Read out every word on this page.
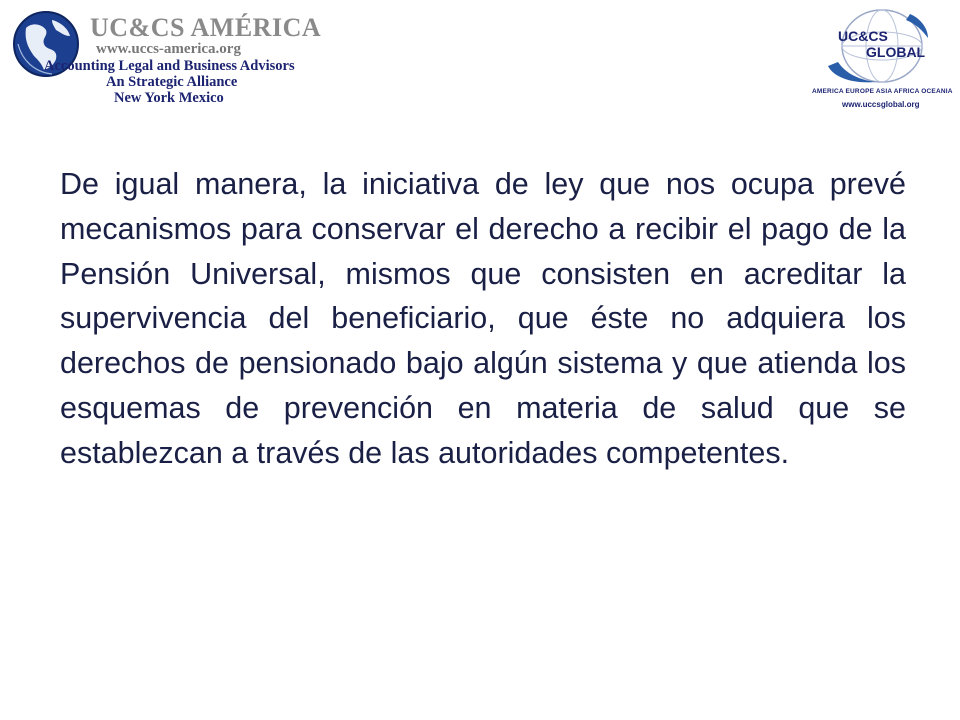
UC&CS AMÉRICA
www.uccs-america.org
Accounting Legal and Business Advisors
An Strategic Alliance
New York Mexico
UC&CS
GLOBAL
AMERICA EUROPE ASIA AFRICA OCEANIA
www.uccsglobal.org

De igual manera, la iniciativa de ley que nos ocupa prevé mecanismos para conservar el derecho a recibir el pago de la Pensión Universal, mismos que consisten en acreditar la supervivencia del beneficiario, que éste no adquiera los derechos de pensionado bajo algún sistema y que atienda los esquemas de prevención en materia de salud que se establezcan a través de las autoridades competentes.
